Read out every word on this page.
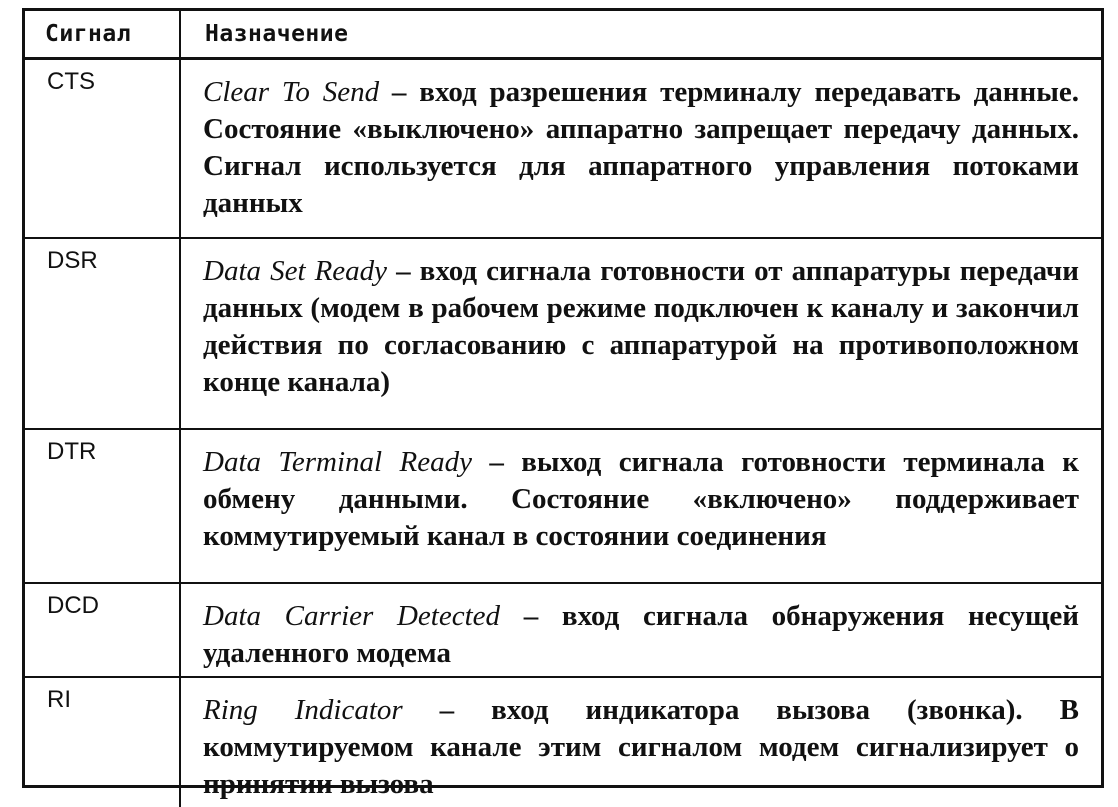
Сигнал	Назначение
CTS	Clear To Send – вход разрешения терминалу передавать данные. Состояние «выключено» аппаратно запрещает передачу данных. Сигнал используется для аппаратного управления потоками данных
DSR	Data Set Ready – вход сигнала готовности от аппаратуры передачи данных (модем в рабочем режиме подключен к каналу и закончил действия по согласованию с аппаратурой на противоположном конце канала)
DTR	Data Terminal Ready – выход сигнала готовности терминала к обмену данными. Состояние «включено» поддерживает коммутируемый канал в состоянии соединения
DCD	Data Carrier Detected – вход сигнала обнаружения несущей удаленного модема
RI	Ring Indicator – вход индикатора вызова (звонка). В коммутируемом канале этим сигналом модем сигнализирует о принятии вызова
